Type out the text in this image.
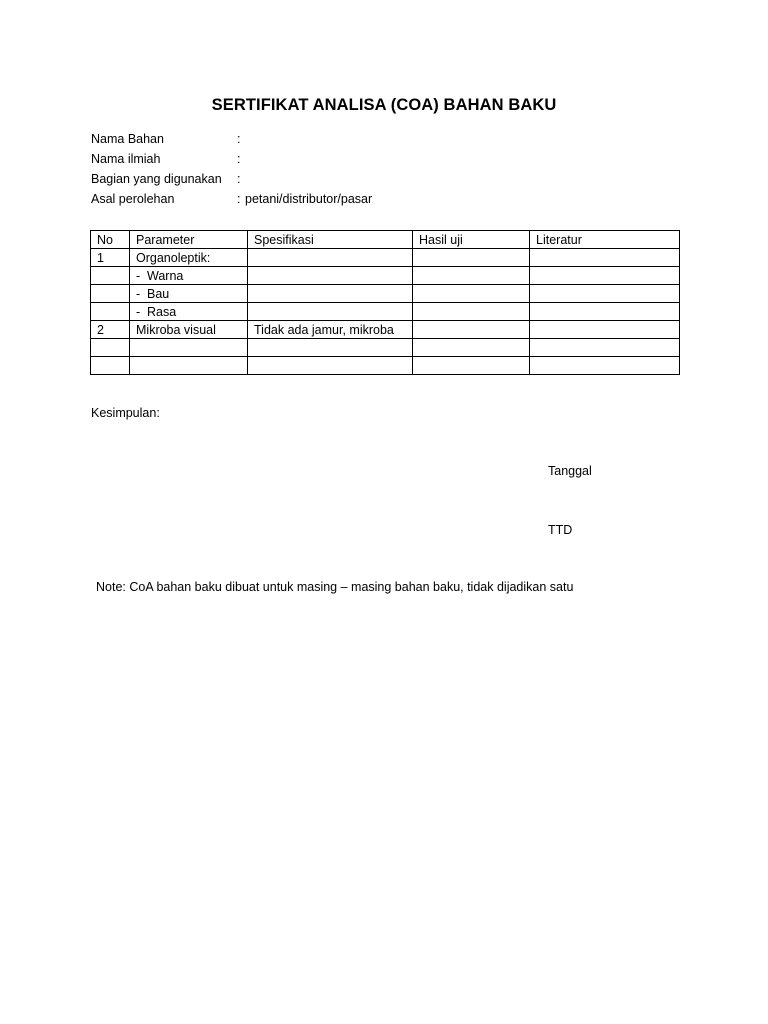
SERTIFIKAT ANALISA (COA) BAHAN BAKU
Nama Bahan	:
Nama ilmiah	:
Bagian yang digunakan :
Asal perolehan	: petani/distributor/pasar
No	Parameter	Spesifikasi	Hasil uji	Literatur
1	Organoleptik:			
	- Warna			
	- Bau			
	- Rasa			
2	Mikroba visual	Tidak ada jamur, mikroba		

Kesimpulan:
Tanggal
TTD
Note: CoA bahan baku dibuat untuk masing – masing bahan baku, tidak dijadikan satu
